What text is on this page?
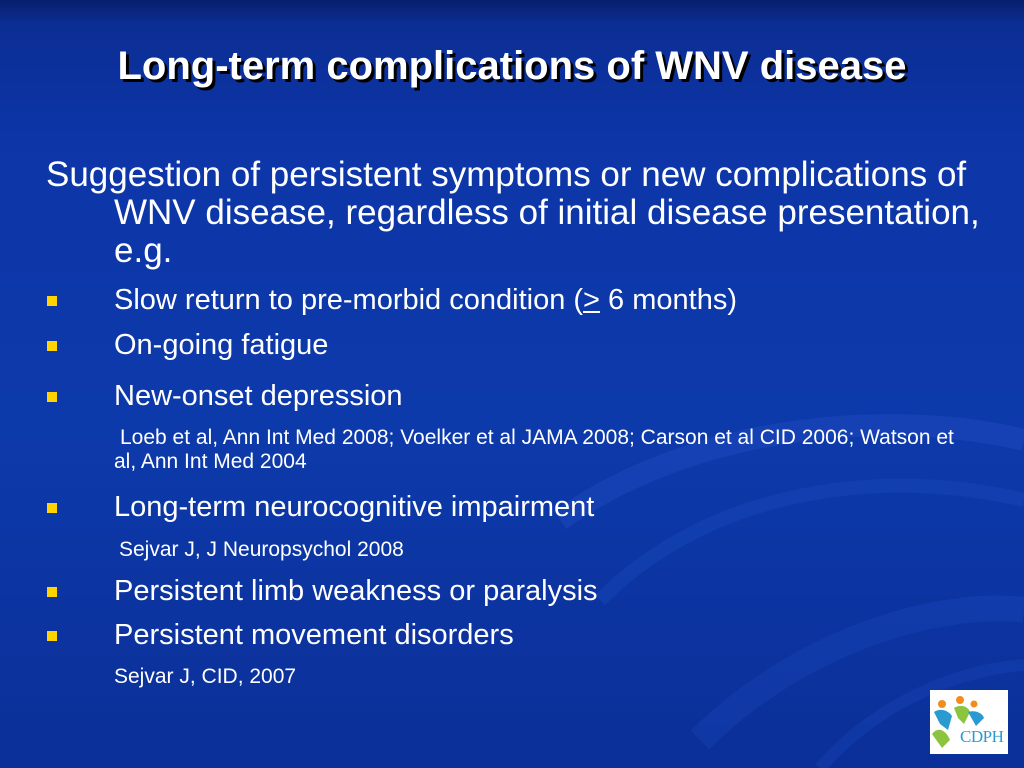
Long-term complications of WNV disease

Suggestion of persistent symptoms or new complications of WNV disease, regardless of initial disease presentation, e.g.

Slow return to pre-morbid condition (≥ 6 months)
On-going fatigue
New-onset depression
Loeb et al, Ann Int Med 2008; Voelker et al JAMA 2008; Carson et al CID 2006; Watson et al, Ann Int Med 2004
Long-term neurocognitive impairment
Sejvar J, J Neuropsychol 2008
Persistent limb weakness or paralysis
Persistent movement disorders
Sejvar J, CID, 2007
CDPH
